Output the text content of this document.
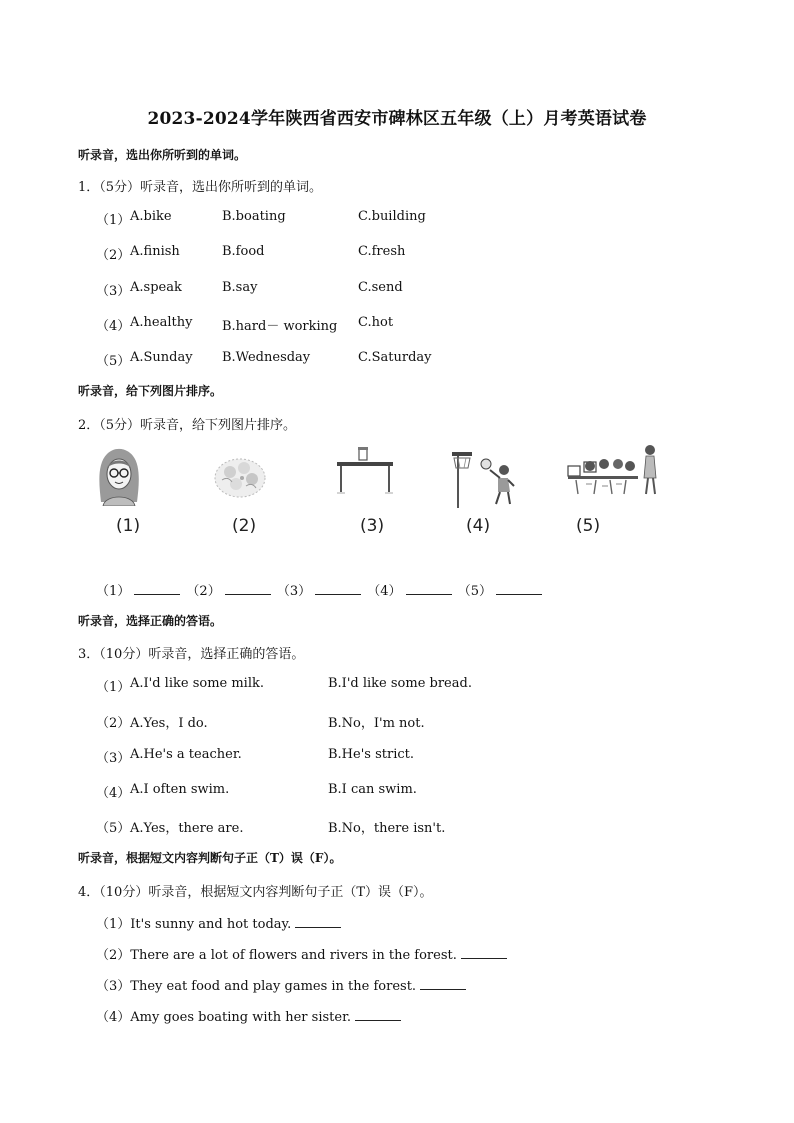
2023-2024学年陕西省西安市碑林区五年级（上）月考英语试卷
听录音，选出你所听到的单词。
1．（5分）听录音，选出你所听到的单词。
（1） A.bike	B.boating	C.building
（2） A.finish	B.food	C.fresh
（3） A.speak	B.say	C.send
（4） A.healthy B.hard－ working C.hot
（5） A.Sunday B.Wednesday	C.Saturday
听录音，给下列图片排序。
2．（5分）听录音，给下列图片排序。
(1)	(2)	(3)	(4)	(5)
（1）	（2）	（3）	（4）	（5）
听录音，选择正确的答语。
3．（10分）听录音，选择正确的答语。
（1） A.I'd like some milk.	B.I'd like some bread.
（2） A.Yes，I do.	B.No，I'm not.
（3） A.He's a teacher.	B.He's strict.
（4） A.I often swim.	B.I can swim.
（5） A.Yes，there are.	B.No，there isn't.
听录音，根据短文内容判断句子正（T）误（F）。
4．（10分）听录音，根据短文内容判断句子正（T）误（F）。
（1）It's sunny and hot today.
（2）There are a lot of flowers and rivers in the forest.
（3）They eat food and play games in the forest.
（4）Amy goes boating with her sister.
